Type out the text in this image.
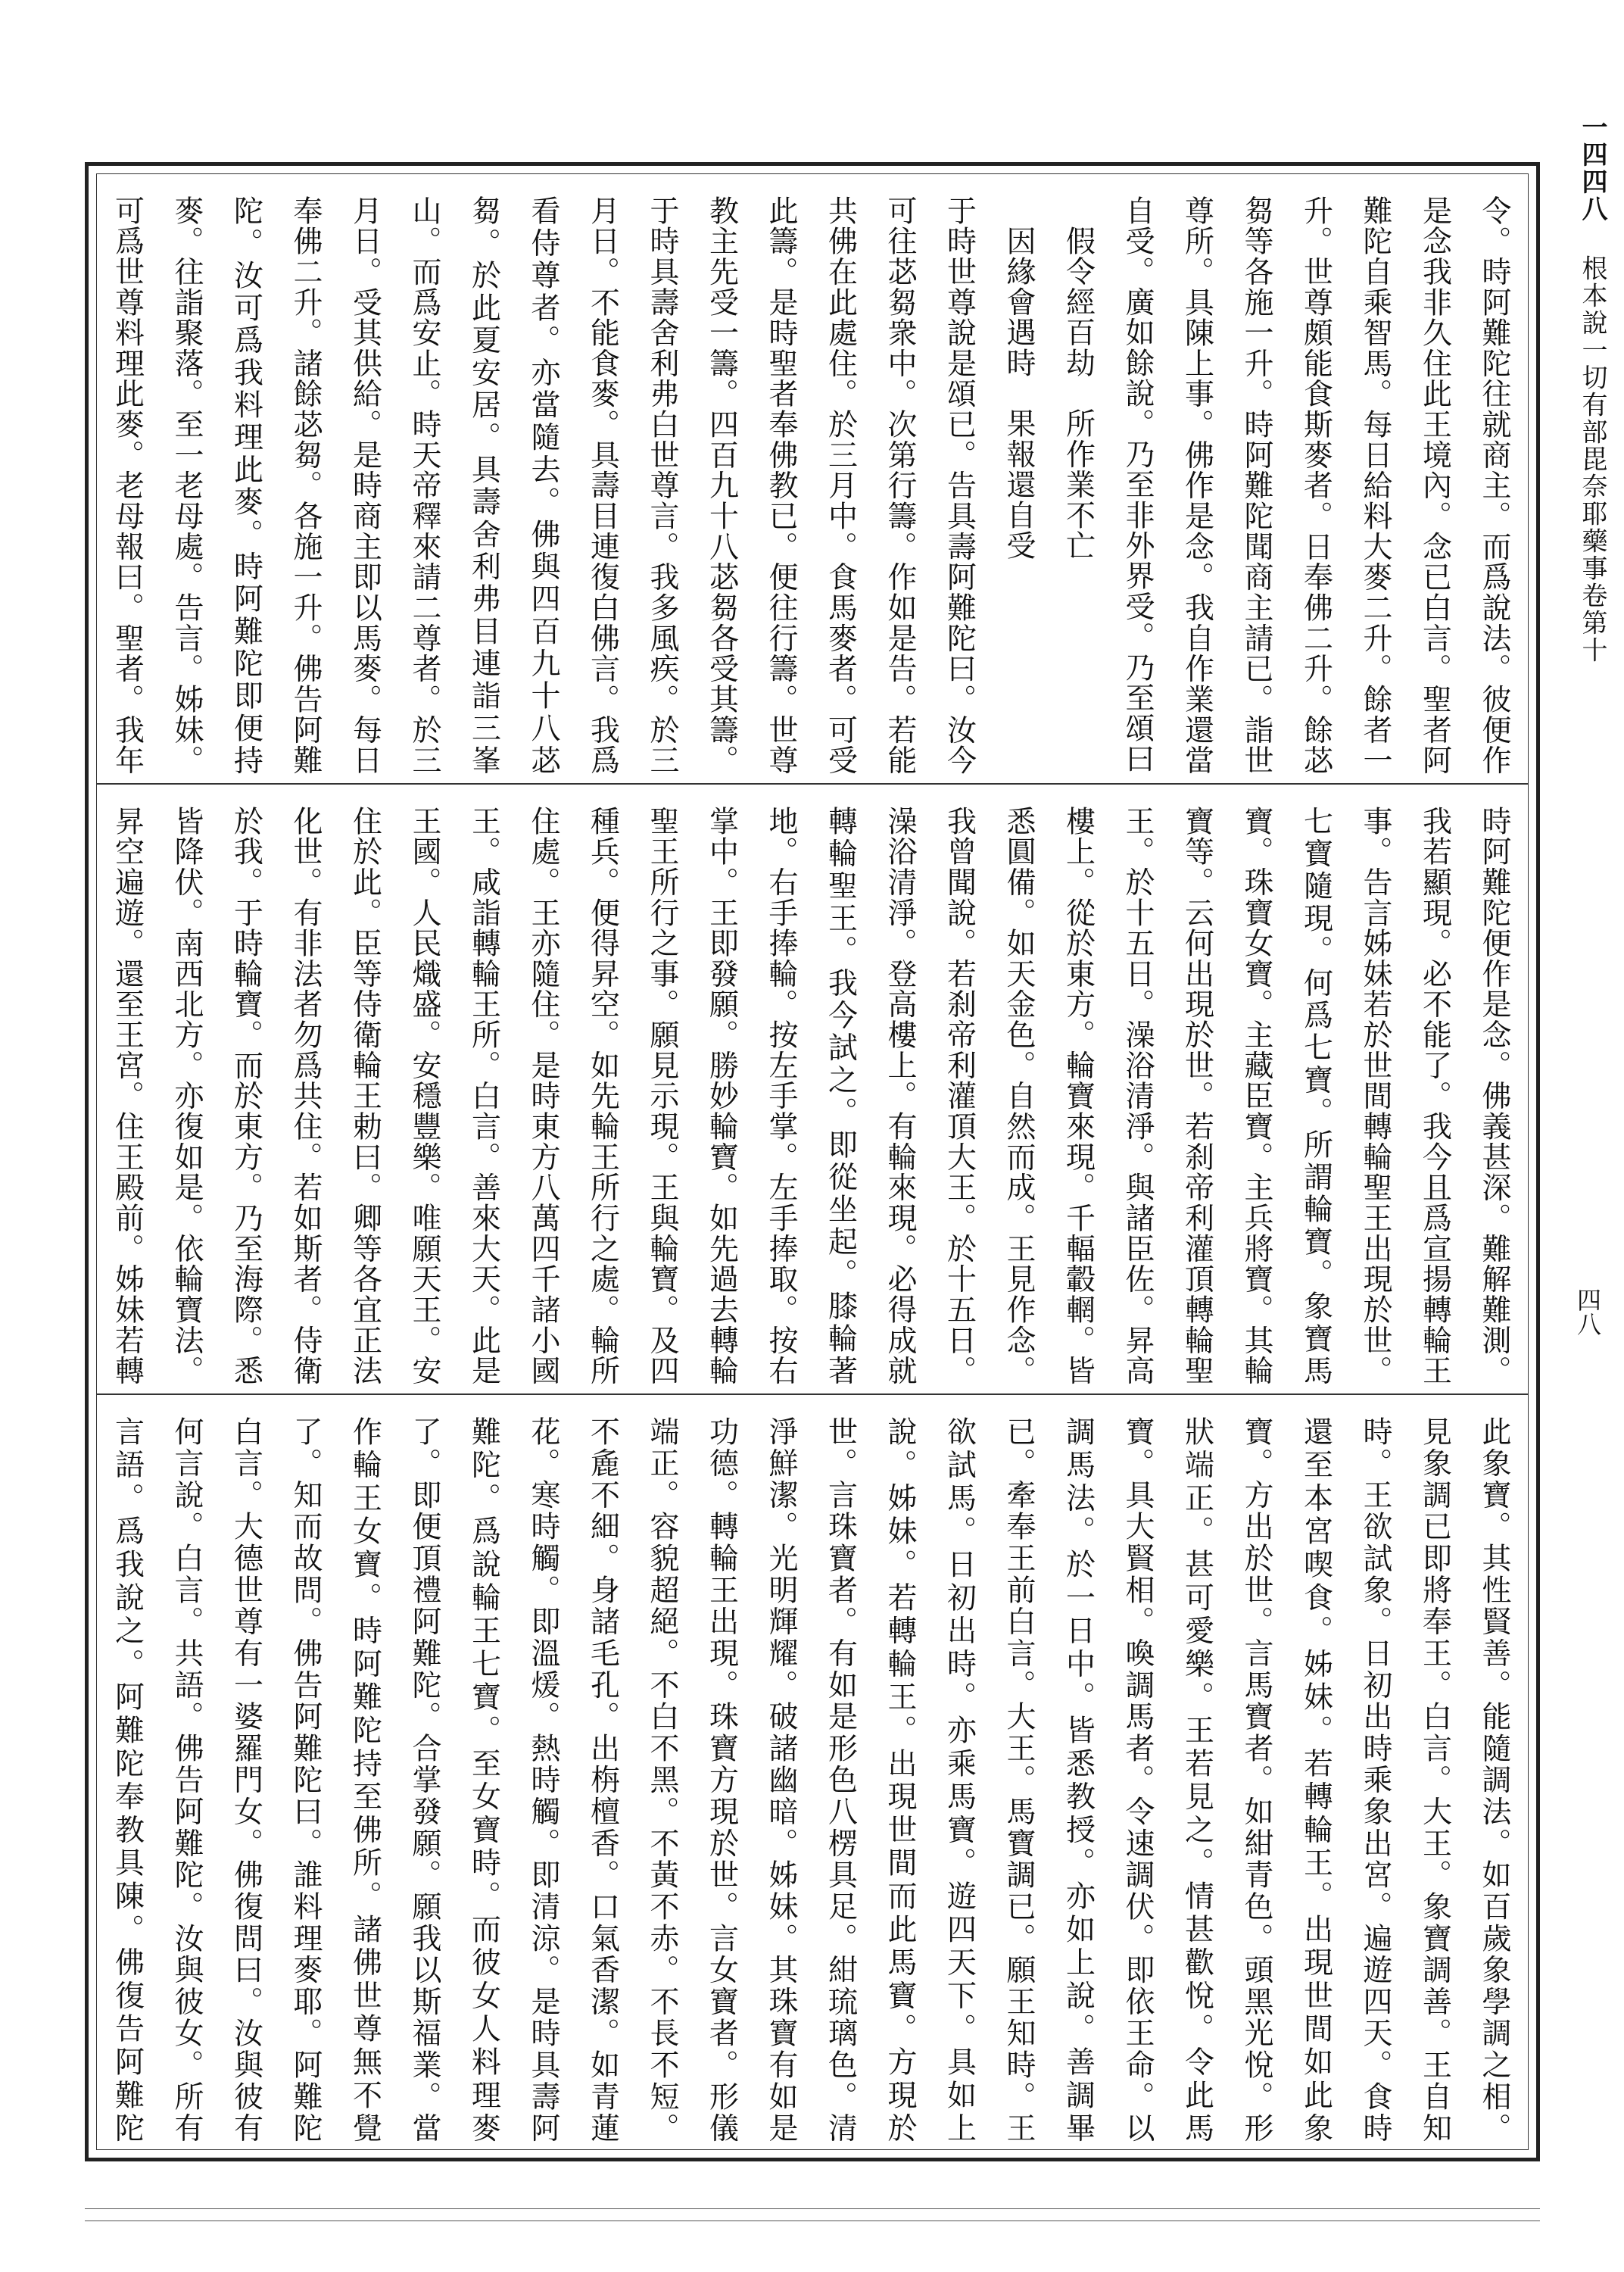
一四四八 根本說一切有部毘奈耶藥事卷第十
四八
令。時阿難陀往就商主。而爲說法。彼便作是念我非久住此王境內。念已白言。聖者阿難陀自乘智馬。每日給料大麥二升。餘者一升。世尊頗能食斯麥者。日奉佛二升。餘苾芻等各施一升。時阿難陀聞商主請已。詣世尊所。具陳上事。佛作是念。我自作業還當自受。廣如餘說。乃至非外界受。乃至頌曰
　假令經百劫　所作業不亡
　因緣會遇時　果報還自受
于時世尊說是頌已。告具壽阿難陀曰。汝今可往苾芻衆中。次第行籌。作如是告。若能共佛在此處住。於三月中。食馬麥者。可受此籌。是時聖者奉佛教已。便往行籌。世尊教主先受一籌。四百九十八苾芻各受其籌。于時具壽舍利弗白世尊言。我多風疾。於三月日。不能食麥。具壽目連復白佛言。我爲看侍尊者。亦當隨去。佛與四百九十八苾芻。於此夏安居。具壽舍利弗目連詣三峯山。而爲安止。時天帝釋來請二尊者。於三月日。受其供給。是時商主即以馬麥。每日奉佛二升。諸餘苾芻。各施一升。佛告阿難陀。汝可爲我料理此麥。時阿難陀即便持麥。往詣聚落。至一老母處。告言。姊妹。可爲世尊料理此麥。老母報曰。聖者。我年
時阿難陀便作是念。佛義甚深。難解難測。我若顯現。必不能了。我今且爲宣揚轉輪王事。告言姊妹若於世間轉輪聖王出現於世。七寶隨現。何爲七寶。所謂輪寶。象寶馬寶。珠寶女寶。主藏臣寶。主兵將寶。其輪寶等。云何出現於世。若刹帝利灌頂轉輪聖王。於十五日。澡浴清淨。與諸臣佐。昇高樓上。從於東方。輪寶來現。千輻轂輞。皆悉圓備。如天金色。自然而成。王見作念。我曾聞說。若刹帝利灌頂大王。於十五日。澡浴清淨。登高樓上。有輪來現。必得成就轉輪聖王。我今試之。即從坐起。膝輪著地。右手捧輪。按左手掌。左手捧取。按右掌中。王即發願。勝妙輪寶。如先過去轉輪聖王所行之事。願見示現。王與輪寶。及四種兵。便得昇空。如先輪王所行之處。輪所住處。王亦隨住。是時東方八萬四千諸小國王。咸詣轉輪王所。白言。善來大天。此是王國。人民熾盛。安穩豐樂。唯願天王。安住於此。臣等侍衛輪王勅曰。卿等各宜正法化世。有非法者勿爲共住。若如斯者。侍衛於我。于時輪寶。而於東方。乃至海際。悉皆降伏。南西北方。亦復如是。依輪寶法。昇空遍遊。還至王宮。住王殿前。姊妹若轉
此象寶。其性賢善。能隨調法。如百歲象學調之相。見象調已即將奉王。白言。大王。象寶調善。王自知時。王欲試象。日初出時乘象出宮。遍遊四天。食時還至本宮喫食。姊妹。若轉輪王。出現世間如此象寶。方出於世。言馬寶者。如紺青色。頭黑光悅。形狀端正。甚可愛樂。王若見之。情甚歡悅。令此馬寶。具大賢相。喚調馬者。令速調伏。即依王命。以調馬法。於一日中。皆悉教授。亦如上說。善調畢已。牽奉王前白言。大王。馬寶調已。願王知時。王欲試馬。日初出時。亦乘馬寶。遊四天下。具如上說。姊妹。若轉輪王。出現世間而此馬寶。方現於世。言珠寶者。有如是形色八楞具足。紺琉璃色。清淨鮮潔。光明輝耀。破諸幽暗。姊妹。其珠寶有如是功德。轉輪王出現。珠寶方現於世。言女寶者。形儀端正。容貌超絕。不白不黑。不黃不赤。不長不短。不麁不細。身諸毛孔。出栴檀香。口氣香潔。如青蓮花。寒時觸。即溫煖。熱時觸。即清涼。是時具壽阿難陀。爲說輪王七寶。至女寶時。而彼女人料理麥了。即便頂禮阿難陀。合掌發願。願我以斯福業。當作輪王女寶。時阿難陀持至佛所。諸佛世尊無不覺了。知而故問。佛告阿難陀曰。誰料理麥耶。阿難陀白言。大德世尊有一婆羅門女。佛復問曰。汝與彼有何言說。白言。共語。佛告阿難陀。汝與彼女。所有言語。爲我說之。阿難陀奉教具陳。佛復告阿難陀
